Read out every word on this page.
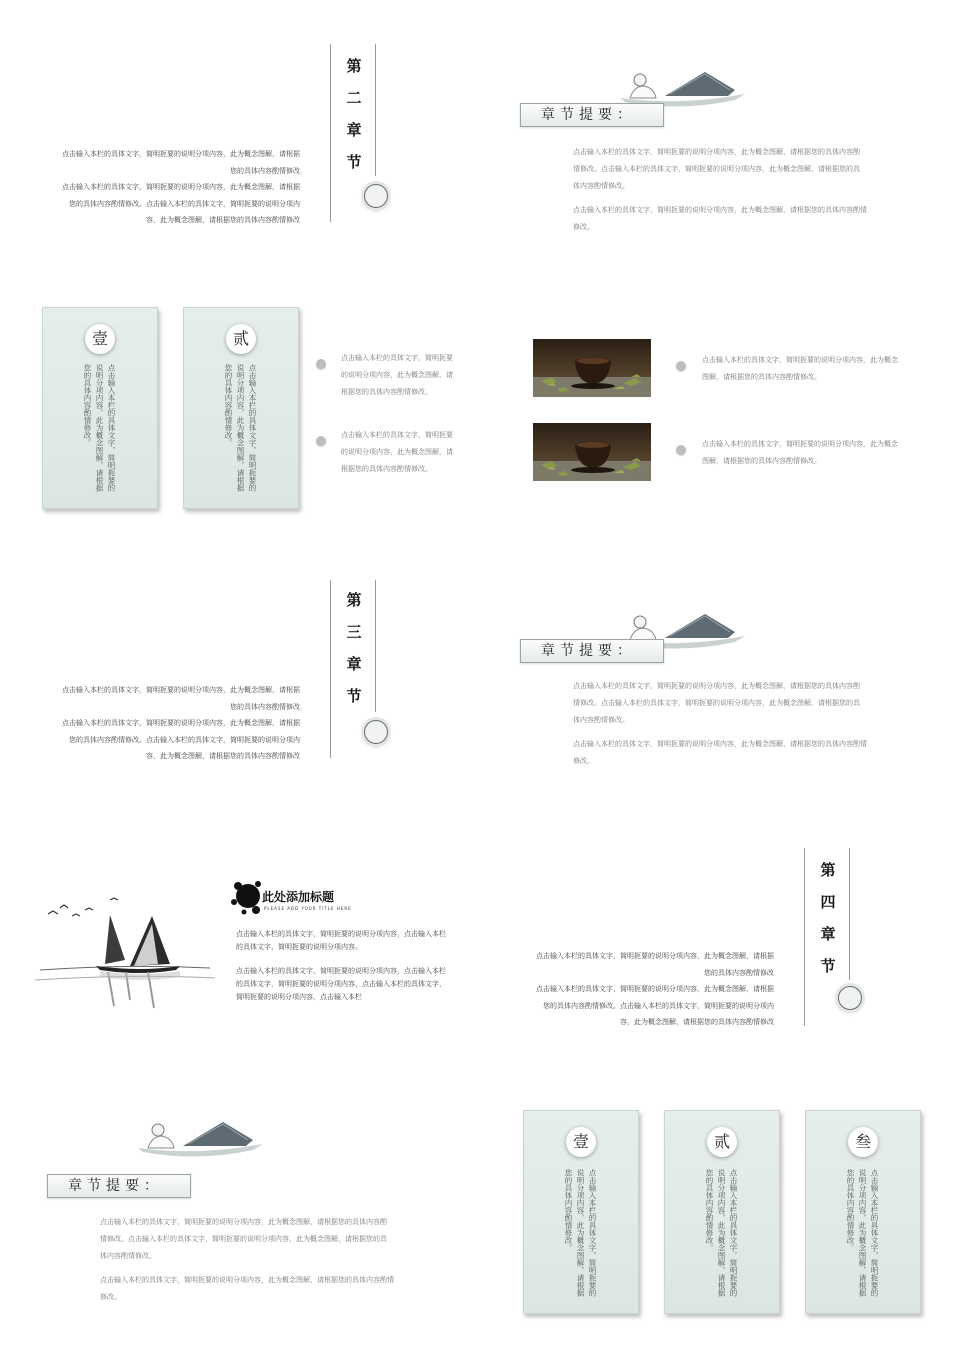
点击输入本栏的具体文字，简明扼要的说明分项内容，此为概念图解，请根据
您的具体内容酌情修改
点击输入本栏的具体文字，简明扼要的说明分项内容，此为概念图解，请根据
您的具体内容酌情修改。点击输入本栏的具体文字，简明扼要的说明分项内
容，此为概念图解，请根据您的具体内容酌情修改
第
二
章
节
章节提要：
点击输入本栏的具体文字，简明扼要的说明分项内容，此为概念图解，请根据您的具体内容酌
情修改。点击输入本栏的具体文字，简明扼要的说明分项内容，此为概念图解，请根据您的具
体内容酌情修改。
点击输入本栏的具体文字，简明扼要的说明分项内容，此为概念图解，请根据您的具体内容酌情修改。
壹
点击输入本栏的具体文字，简明扼要的说明分项内容，此为概念图解，请根据您的具体内容酌情修改。
贰
点击输入本栏的具体文字，简明扼要的说明分项内容，此为概念图解，请根据您的具体内容酌情修改。
点击输入本栏的具体文字，简明扼要
的说明分项内容，此为概念图解，请
根据您的具体内容酌情修改。
点击输入本栏的具体文字，简明扼要
的说明分项内容，此为概念图解，请
根据您的具体内容酌情修改。
点击输入本栏的具体文字，简明扼要的说明分项内容，此为概念
图解，请根据您的具体内容酌情修改。
点击输入本栏的具体文字，简明扼要的说明分项内容，此为概念
图解，请根据您的具体内容酌情修改。
点击输入本栏的具体文字，简明扼要的说明分项内容，此为概念图解，请根据
您的具体内容酌情修改
点击输入本栏的具体文字，简明扼要的说明分项内容，此为概念图解，请根据
您的具体内容酌情修改。点击输入本栏的具体文字，简明扼要的说明分项内
容，此为概念图解，请根据您的具体内容酌情修改
第
三
章
节
章节提要：
点击输入本栏的具体文字，简明扼要的说明分项内容，此为概念图解，请根据您的具体内容酌
情修改。点击输入本栏的具体文字，简明扼要的说明分项内容，此为概念图解，请根据您的具
体内容酌情修改。
点击输入本栏的具体文字，简明扼要的说明分项内容，此为概念图解，请根据您的具体内容酌情修改。
此处添加标题
PLEASE ADD YOUR TITLE HERE
点击输入本栏的具体文字，简明扼要的说明分项内容，点击输入本栏的具体文字，简明扼要的说明分项内容。
点击输入本栏的具体文字，简明扼要的说明分项内容，点击输入本栏的具体文字，简明扼要的说明分项内容，点击输入本栏的具体文字，简明扼要的说明分项内容，点击输入本栏
点击输入本栏的具体文字，简明扼要的说明分项内容，此为概念图解，请根据
您的具体内容酌情修改
点击输入本栏的具体文字，简明扼要的说明分项内容，此为概念图解，请根据
您的具体内容酌情修改。点击输入本栏的具体文字，简明扼要的说明分项内
容，此为概念图解，请根据您的具体内容酌情修改
第
四
章
节
章节提要：
点击输入本栏的具体文字，简明扼要的说明分项内容，此为概念图解，请根据您的具体内容酌
情修改。点击输入本栏的具体文字，简明扼要的说明分项内容，此为概念图解，请根据您的具
体内容酌情修改。
点击输入本栏的具体文字，简明扼要的说明分项内容，此为概念图解，请根据您的具体内容酌情修改。
壹
点击输入本栏的具体文字，简明扼要的说明分项内容，此为概念图解，请根据您的具体内容酌情修改。
贰
点击输入本栏的具体文字，简明扼要的说明分项内容，此为概念图解，请根据您的具体内容酌情修改。
叁
点击输入本栏的具体文字，简明扼要的说明分项内容，此为概念图解，请根据您的具体内容酌情修改。
